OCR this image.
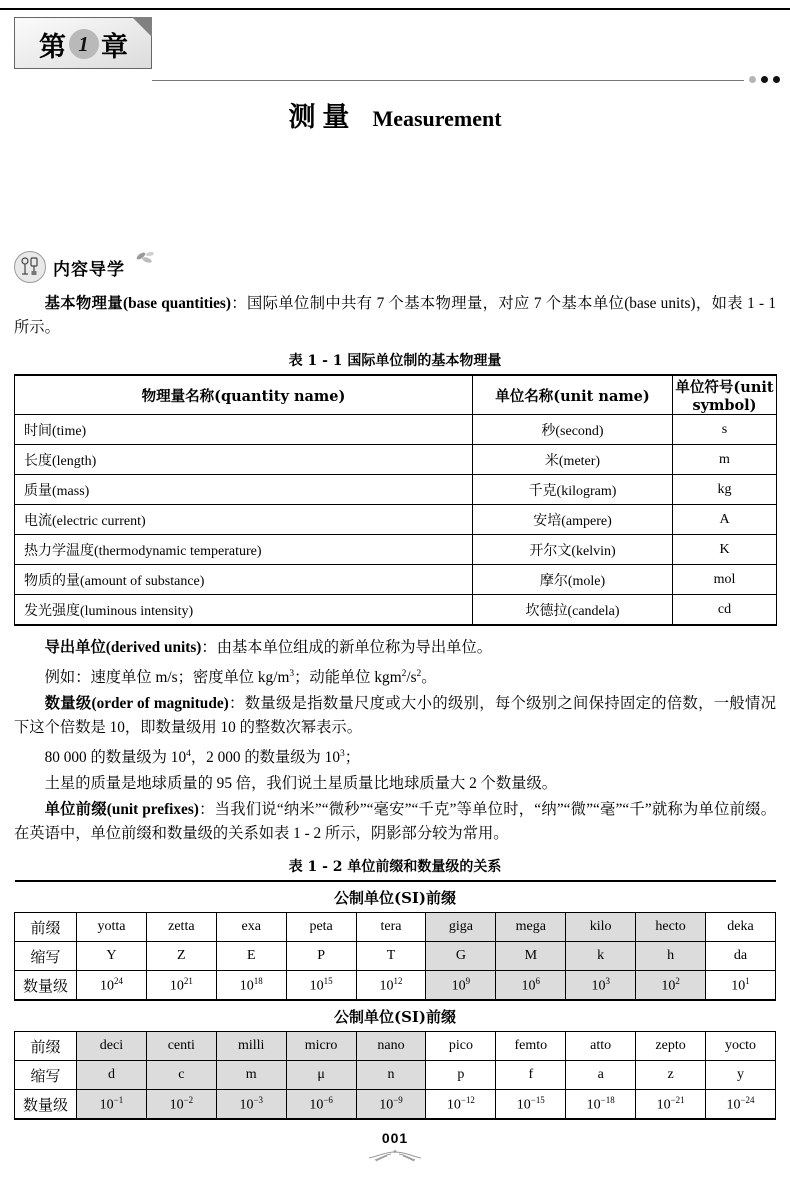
第 1 章
测量 Measurement
内容导学

基本物理量(base quantities)：国际单位制中共有 7 个基本物理量，对应 7 个基本单位(base units)，如表 1 - 1 所示。

表 1 - 1 国际单位制的基本物理量
物理量名称(quantity name)	单位名称(unit name)	单位符号(unit symbol)
时间(time)	秒(second)	s
长度(length)	米(meter)	m
质量(mass)	千克(kilogram)	kg
电流(electric current)	安培(ampere)	A
热力学温度(thermodynamic temperature)	开尔文(kelvin)	K
物质的量(amount of substance)	摩尔(mole)	mol
发光强度(luminous intensity)	坎德拉(candela)	cd

导出单位(derived units)：由基本单位组成的新单位称为导出单位。

例如：速度单位 m/s；密度单位 $kg/m^3$；动能单位 $kgm^2/s^2$。

数量级(order of magnitude)：数量级是指数量尺度或大小的级别，每个级别之间保持固定的倍数，一般情况下这个倍数是 10，即数量级用 10 的整数次幂表示。

80 000 的数量级为 $10^4$，2 000 的数量级为 $10^3$；

土星的质量是地球质量的 95 倍，我们说土星质量比地球质量大 2 个数量级。

单位前缀(unit prefixes)：当我们说“纳米”“微秒”“毫安”“千克”等单位时，“纳”“微”“毫”“千”就称为单位前缀。在英语中，单位前缀和数量级的关系如表 1 - 2 所示，阴影部分较为常用。

表 1 - 2 单位前缀和数量级的关系
公制单位(SI)前缀										
前缀	yotta	zetta	exa	peta	tera	giga	mega	kilo	hecto	deka
缩写	Y	Z	E	P	T	G	M	k	h	da
数量级	$10^{24}$	$10^{21}$	$10^{18}$	$10^{15}$	$10^{12}$	$10^9$	$10^6$	$10^3$	$10^2$	$10^1$
公制单位(SI)前缀										
前缀	deci	centi	milli	micro	nano	pico	femto	atto	zepto	yocto
缩写	d	c	m	μ	n	p	f	a	z	y
数量级	$10^{-1}$	$10^{-2}$	$10^{-3}$	$10^{-6}$	$10^{-9}$	$10^{-12}$	$10^{-15}$	$10^{-18}$	$10^{-21}$	$10^{-24}$
001
